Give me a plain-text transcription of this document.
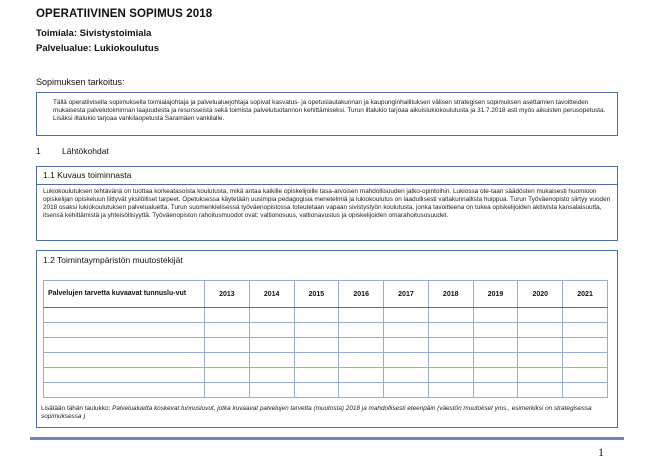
OPERATIIVINEN SOPIMUS 2018
Toimiala: Sivistystoimiala
Palvelualue: Lukiokoulutus
Sopimuksen tarkoitus:
Tällä operatiivisella sopimuksella toimialajohtaja ja palvelualuejohtaja sopivat kasvatus- ja opetuslautakunnan ja kaupunginhallituksen välisen strategisen sopimuksen asettamien tavoitteiden mukaisesta palvelutoiminnan laajuudesta ja resursseista sekä toimista palvelutuotannon kehittämiseksi. Turun iltalukio tarjoaa aikuislukiokoulutusta ja 31.7.2018 asti myös aikuisten perusopetusta. Lisäksi iltalukio tarjoaa vankilaopetusta Saramäen vankilalle.
1	Lähtökohdat
1.1 Kuvaus toiminnasta
Lukiokoulutuksen tehtävänä on tuottaa korkeatasoista koulutusta, mikä antaa kaikille opiskelijoille tasa-arvoisen mahdollisuuden jatko-opintoihin. Lukiossa ote-taan säädösten mukaisesti huomioon opiskelijan opiskeluun liittyvät yksilölliset tarpeet. Opetuksessa käytetään uusimpia pedagogisia menetelmiä ja lukiokoulutus on laadullisesti valtakunnallista huippua. Turun Työväenopisto siirtyy vuoden 2018 osaksi lukiokoulutuksen palvelualuetta. Turun suomenkielisessä työväenopistossa toteutetaan vapaan sivistystyön koulutusta, jonka tavoitteena on tukea opiskelijoiden aktiivista kansalaisuutta, itsensä kehittämistä ja yhteisöllisyyttä. Työväenopiston rahoitusmuodot ovat; valtionosuus, valtionavustus ja opiskelijoiden omarahoitusosuudet.
1.2 Toimintaympäristön muutostekijät
Palvelujen tarvetta kuvaavat tunnuslu-vut	2013	2014	2015	2016	2017	2018	2019	2020	2021

Lisätään tähän taulukko: Palvelualuetta koskevat tunnusluvut, jotka kuvaavat palvelujen tarvetta (muutosta) 2018 ja mahdollisesti eteenpäin (väestön muutokset yms., esimerkiksi on strategisessa sopimuksessa )
1
